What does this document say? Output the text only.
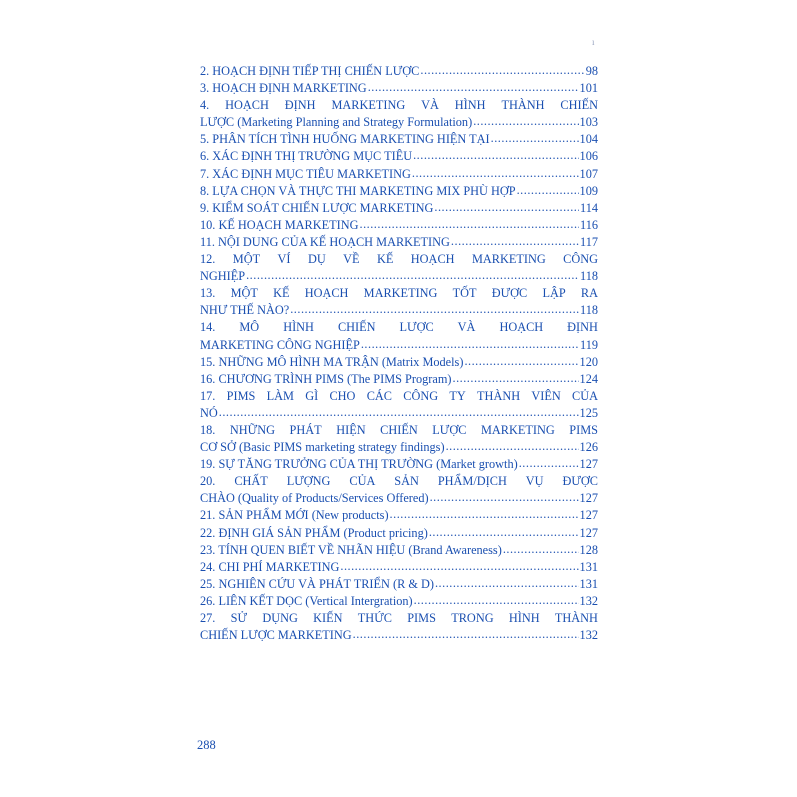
ı
2. HOẠCH ĐỊNH TIẾP THỊ CHIẾN LƯỢC .....	98
3. HOẠCH ĐỊNH MARKETING .....	101
4. HOẠCH ĐỊNH MARKETING VÀ HÌNH THÀNH CHIẾN
LƯỢC (Marketing Planning and Strategy Formulation) .....	103
5. PHÂN TÍCH TÌNH HUỐNG MARKETING HIỆN TẠI .....	104
6. XÁC ĐỊNH THỊ TRƯỜNG MỤC TIÊU .....	106
7. XÁC ĐỊNH MỤC TIÊU MARKETING .....	107
8. LỰA CHỌN VÀ THỰC THI MARKETING MIX PHÙ HỢP .....	109
9. KIỂM SOÁT CHIẾN LƯỢC MARKETING .....	114
10. KẾ HOẠCH MARKETING .....	116
11. NỘI DUNG CỦA KẾ HOẠCH MARKETING .....	117
12. MỘT VÍ DỤ VỀ KẾ HOẠCH MARKETING CÔNG
NGHIỆP .....	118
13. MỘT KẾ HOẠCH MARKETING TỐT ĐƯỢC LẬP RA
NHƯ THẾ NÀO? .....	118
14. MÔ HÌNH CHIẾN LƯỢC VÀ HOẠCH ĐỊNH
MARKETING CÔNG NGHIỆP .....	119
15. NHỮNG MÔ HÌNH MA TRẬN (Matrix Models) .....	120
16. CHƯƠNG TRÌNH PIMS (The PIMS Program) .....	124
17. PIMS LÀM GÌ CHO CÁC CÔNG TY THÀNH VIÊN CỦA
NÓ .....	125
18. NHỮNG PHÁT HIỆN CHIẾN LƯỢC MARKETING PIMS
CƠ SỞ (Basic PIMS marketing strategy findings) .....	126
19. SỰ TĂNG TRƯỞNG CỦA THỊ TRƯỜNG (Market growth) .....	127
20. CHẤT LƯỢNG CỦA SẢN PHẨM/DỊCH VỤ ĐƯỢC
CHÀO (Quality of Products/Services Offered) .....	127
21. SẢN PHẨM MỚI (New products) .....	127
22. ĐỊNH GIÁ SẢN PHẨM (Product pricing) .....	127
23. TÍNH QUEN BIẾT VỀ NHÃN HIỆU (Brand Awareness) .....	128
24. CHI PHÍ MARKETING .....	131
25. NGHIÊN CỨU VÀ PHÁT TRIỂN (R & D) .....	131
26. LIÊN KẾT DỌC (Vertical Intergration) .....	132
27. SỬ DỤNG KIẾN THỨC PIMS TRONG HÌNH THÀNH
CHIẾN LƯỢC MARKETING .....	132
288
